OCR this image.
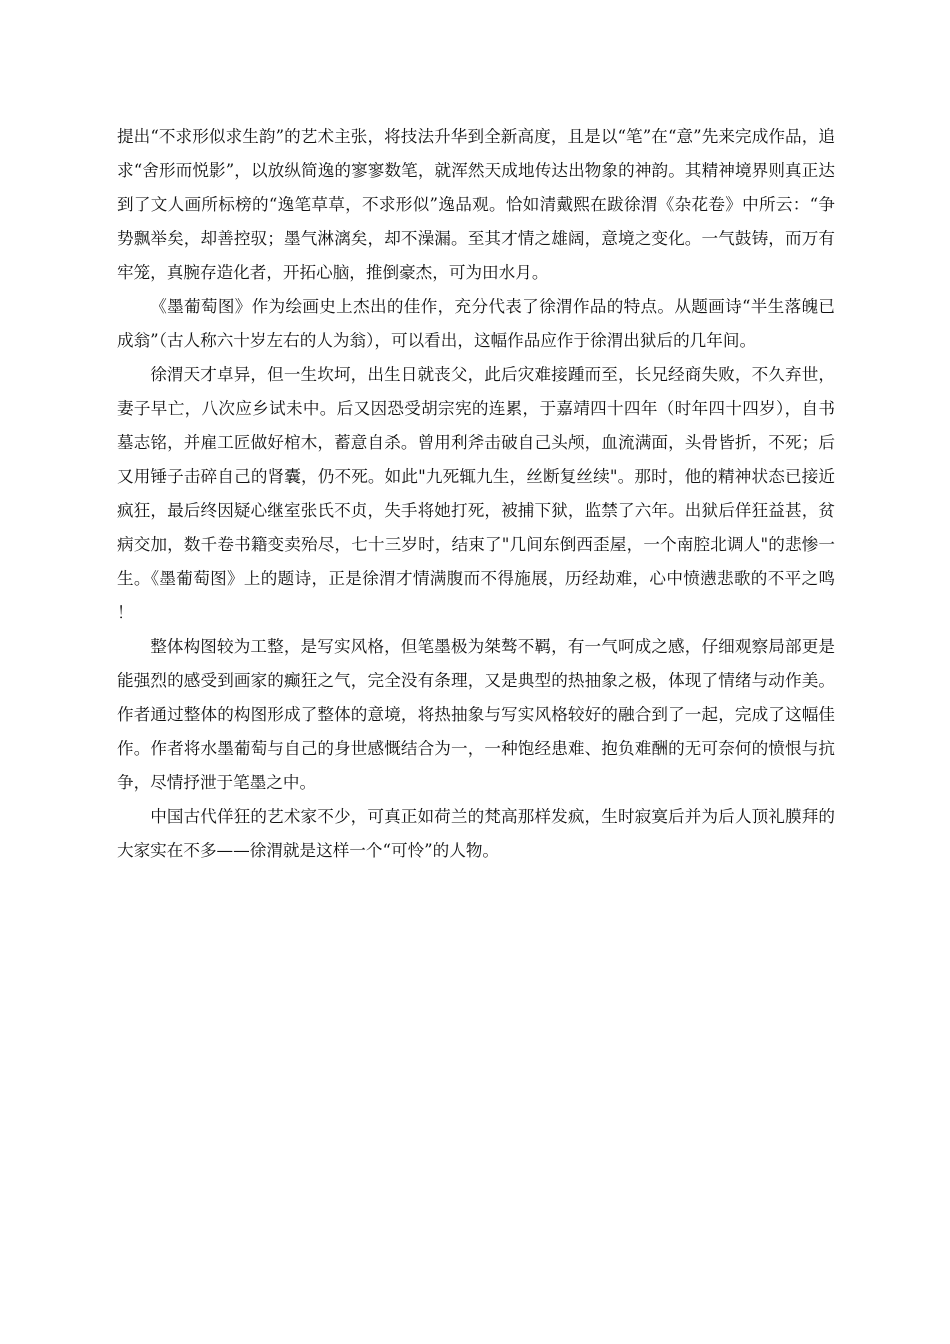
提出“不求形似求生韵”的艺术主张，将技法升华到全新高度，且是以“笔”在“意”先来完成作品，追求“舍形而悦影”，以放纵简逸的寥寥数笔，就浑然天成地传达出物象的神韵。其精神境界则真正达到了文人画所标榜的“逸笔草草，不求形似”逸品观。恰如清戴熙在跋徐渭《杂花卷》中所云：“争势飘举矣，却善控驭；墨气淋漓矣，却不澡漏。至其才情之雄阔，意境之变化。一气鼓铸，而万有牢笼，真腕存造化者，开拓心脑，推倒豪杰，可为田水月。

《墨葡萄图》作为绘画史上杰出的佳作，充分代表了徐渭作品的特点。从题画诗“半生落魄已成翁”（古人称六十岁左右的人为翁），可以看出，这幅作品应作于徐渭出狱后的几年间。

徐渭天才卓异，但一生坎坷，出生日就丧父，此后灾难接踵而至，长兄经商失败，不久弃世，妻子早亡，八次应乡试未中。后又因恐受胡宗宪的连累，于嘉靖四十四年（时年四十四岁），自书墓志铭，并雇工匠做好棺木，蓄意自杀。曾用利斧击破自己头颅，血流满面，头骨皆折，不死；后又用锤子击碎自己的肾囊，仍不死。如此"九死辄九生，丝断复丝续"。那时，他的精神状态已接近疯狂，最后终因疑心继室张氏不贞，失手将她打死，被捕下狱，监禁了六年。出狱后佯狂益甚，贫病交加，数千卷书籍变卖殆尽，七十三岁时，结束了"几间东倒西歪屋，一个南腔北调人"的悲惨一生。《墨葡萄图》上的题诗，正是徐渭才情满腹而不得施展，历经劫难，心中愤懑悲歌的不平之鸣！

整体构图较为工整，是写实风格，但笔墨极为桀骜不羁，有一气呵成之感，仔细观察局部更是能强烈的感受到画家的癫狂之气，完全没有条理，又是典型的热抽象之极，体现了情绪与动作美。作者通过整体的构图形成了整体的意境，将热抽象与写实风格较好的融合到了一起，完成了这幅佳作。作者将水墨葡萄与自己的身世感慨结合为一，一种饱经患难、抱负难酬的无可奈何的愤恨与抗争，尽情抒泄于笔墨之中。

中国古代佯狂的艺术家不少，可真正如荷兰的梵高那样发疯，生时寂寞后并为后人顶礼膜拜的大家实在不多——徐渭就是这样一个“可怜”的人物。
